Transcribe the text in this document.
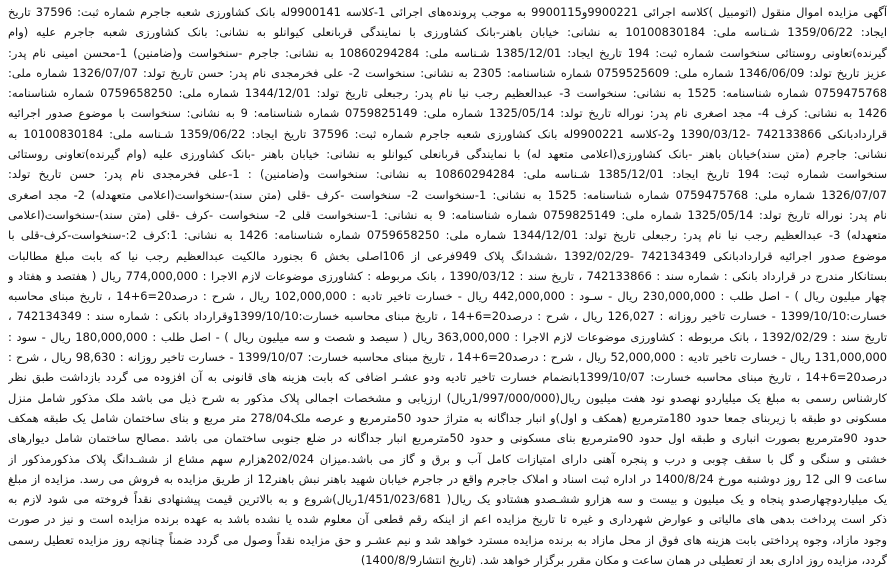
آگهی مزایده اموال منقول (اتومبیل )کلاسه اجرائی 9900221و9900115 به موجب پرونده‌های اجرائی 1-کلاسه 9900141له بانک کشاورزی شعبه جاجرم شماره ثبت: 37596 تاریخ
ایجاد: 1359/06/22 شـناسه ملی: 10100830184 به نشانی: خیابان باهنر-بانک کشاورزی با نمایندگی قربانعلی کیوانلو به نشانی: بانک کشاورزی شعبه جاجرم علیه (وام
گیرنده)تعاونی روستائی سنخواست شماره ثبت: 194 تاریخ ایجاد: 1385/12/01 شـناسه ملی: 10860294284 به نشانی: جاجرم -سنخواست و(ضامنین) 1-محسن امینی نام پدر:
عزیز تاریخ تولد: 1346/06/09 شماره ملی: 0759525609 شماره شناسنامه: 2305 به نشانی: سنخواست 2- علی فخرمجدی نام پدر: حسن تاریخ تولد: 1326/07/07 شماره ملی:
0759475768 شماره شناسنامه: 1525 به نشانی: سنخواست 3- عبدالعظیم رجب نیا نام پدر: رجبعلی تاریخ تولد: 1344/12/01 شماره ملی: 0759658250 شماره شناسنامه:
1426 به نشانی: کرف 4- مجد اصغری نام پدر: نوراله تاریخ تولد: 1325/05/14 شماره ملی: 0759825149 شماره شناسنامه: 9 به نشانی: سنخواست با موضوع صدور اجرائیه
قراردادبانکی 742133866 -1390/03/12 و2-کلاسه 9900221له بانک کشاورزی شعبه جاجرم شماره ثبت: 37596 تاریخ ایجاد: 1359/06/22 شـناسه ملی: 10100830184 به
نشانی: جاجرم (متن سند)خیابان باهنر -بانک کشاورزی(اعلامی متعهد له) با نمایندگی قربانعلی کیوانلو به نشانی: خیابان باهنر -بانک کشاورزی علیه (وام گیرنده)تعاونی روستائی
سنخواست شماره ثبت: 194 تاریخ ایجاد: 1385/12/01 شـناسه ملی: 10860294284 به نشانی: سنخواست و(ضامنین) : 1-علی فخرمجدی نام پدر: حسن تاریخ تولد:
1326/07/07 شماره ملی: 0759475768 شماره شناسنامه: 1525 به نشانی: 1-سنخواست 2- سنخواست -کرف -قلی (متن سند)-سنخواست(اعلامی متعهدله) 2- مجد اصغری
نام پدر: نوراله تاریخ تولد: 1325/05/14 شماره ملی: 0759825149 شماره شناسنامه: 9 به نشانی: 1-سنخواست قلی 2- سنخواست -کرف -قلی (متن سند)-سنخواست(اعلامی
متعهدله) 3- عبدالعظیم رجب نیا نام پدر: رجبعلی تاریخ تولد: 1344/12/01 شماره ملی: 0759658250 شماره شناسنامه: 1426 به نشانی: 1:کرف 2:-سنخواست-کرف-قلی با
موضوع صدور اجرائیه قراردادبانکی 742134349 -1392/02/29 ،ششدانگ پلاک 949فرعی از 106اصلی بخش 6 بجنورد مالکیت عبدالعظیم رجب نیا که بابت مبلغ مطالبات
بستانکار مندرج در قرارداد بانکی : شماره سند : 742133866 ، تاریخ سند : 1390/03/12 ، بانک مربوطه : کشاورزی موضوعات لازم الاجرا : 774,000,000 ریال ( هفتصد و هفتاد و
چهار میلیون ریال ) - اصل طلب : 230,000,000 ریال - سـود : 442,000,000 ریال - خسارت تاخیر تادیه : 102,000,000 ریال ، شرح : درصد20=6+14 ، تاریخ مبنای محاسبه
خسارت:1399/10/10 - خسارت تاخیر روزانه : 126,027 ریال ، شرح : درصد20=6+14 ، تاریخ مبنای محاسبه خسارت:1399/10/10وقرارداد بانکی : شماره سند : 742134349 ،
تاریخ سند : 1392/02/29 ، بانک مربوطه : کشاورزی موضوعات لازم الاجرا : 363,000,000 ریال ( سیصد و شصت و سه میلیون ریال ) - اصل طلب : 180,000,000 ریال - سود :
131,000,000 ریال - خسارت تاخیر تادیه : 52,000,000 ریال ، شرح : درصد20=6+14 ، تاریخ مبنای محاسبه خسارت: 1399/10/07 - خسارت تاخیر روزانه : 98,630 ریال ، شرح :
درصد20=6+14 ، تاریخ مبنای محاسبه خسارت: 1399/10/07بانضمام خسارت تاخیر تادیه ودو عشـر اضافی که بابت هزینه های قانونی به آن افزوده می گردد بازداشت طبق نظر
کارشناس رسمی به مبلغ یک میلیاردو نهصدو نود هفت میلیون ریال(1/997/000/000ریال) ارزیابی و مشخصات اجمالی پلاک مذکور به شرح ذیل می باشد ملک مذکور شامل منزل
مسکونی دو طبقه با زیربنای جمعا حدود 180مترمربع (همکف و اول)و انبار جداگانه به متراژ حدود 50مترمربع و عرصه ملک278/04 متر مربع و بنای ساختمان شامل یک طبقه همکف
حدود 90مترمربع بصورت انباری و طبقه اول حدود 90مترمربع بنای مسکونی و حدود 50مترمربع انبار جداگانه در ضلع جنوبی ساختمان می باشد .مصالح ساختمان شامل دیوارهای
خشتی و سنگی و گل با سقف چوبی و درب و پنجره آهنی دارای امتیازات کامل آب و برق و گاز می باشد.میزان 202/024هزارم سهم مشاع از ششـدانگ پلاک مذکورمذکور از
ساعت 9 الی 12 روز دوشنبه مورخ 1400/8/24 در اداره ثبت اسناد و املاک جاجرم واقع در جاجرم خیابان شهید باهنر نبش باهنر12 از طریق مزایده به فروش می رسد. مزایده از مبلغ
یک میلیاردوچهارصدو پنجاه و یک میلیون و بیست و سه هزارو ششـصدو هشتادو یک ریال( 1/451/023/681ریال)شروع و به بالاترین قیمت پیشنهادی نقداً فروخته می شود لازم به
ذکر است پرداخت بدهی های مالیاتی و عوارض شهرداری و غیره تا تاریخ مزایده اعم از اینکه رقم قطعی آن معلوم شده یا نشده باشد به عهده برنده مزایده است و نیز در صورت
وجود مازاد، وجوه پرداختی بابت هزینه های فوق از محل مازاد به برنده مزایده مسترد خواهد شد و نیم عشـر و حق مزایده نقداً وصول می گردد ضمناً چنانچه روز مزایده تعطیل رسمی
گردد، مزایده روز اداری بعد از تعطیلی در همان ساعت و مکان مقرر برگزار خواهد شد. (تاریخ انتشار1400/8/9)
